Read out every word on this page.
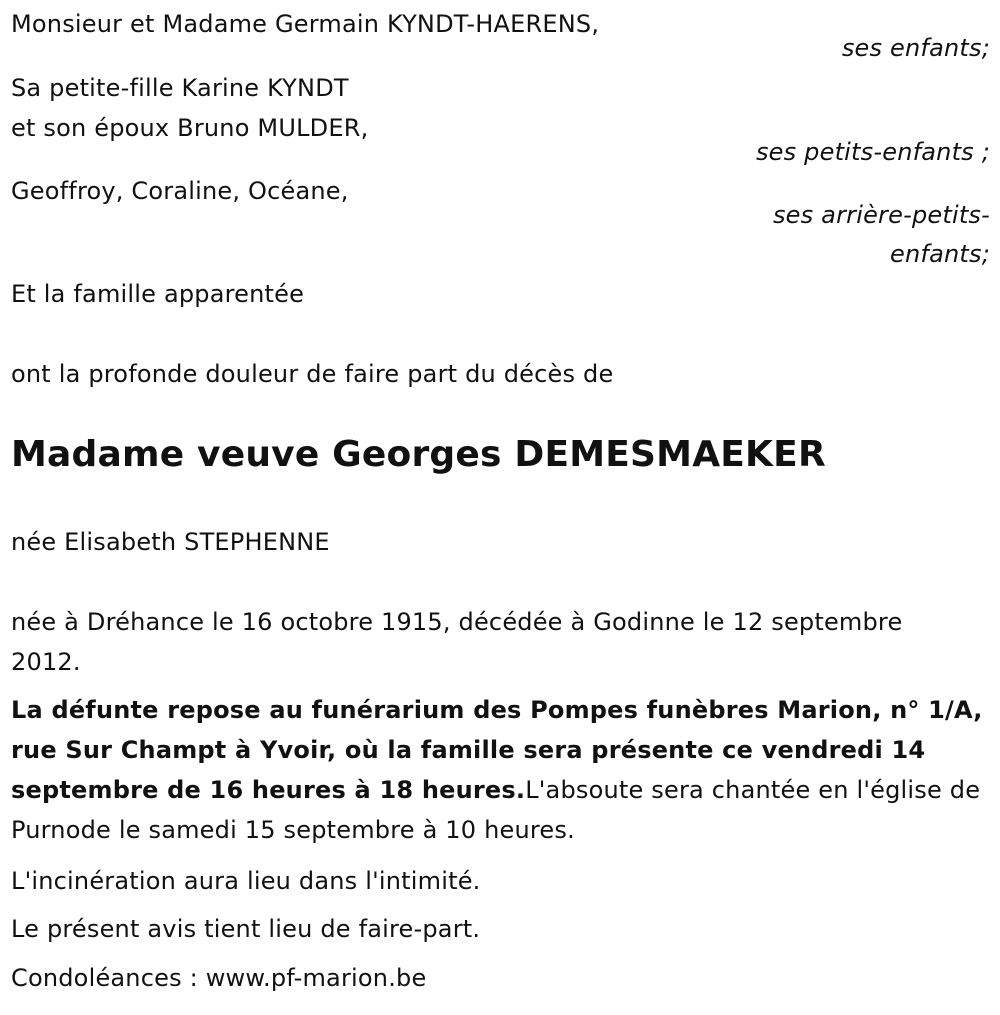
Monsieur et Madame Germain KYNDT-HAERENS,

ses enfants;

Sa petite-fille Karine KYNDT

et son époux Bruno MULDER,

ses petits-enfants ;

Geoffroy, Coraline, Océane,

ses arrière-petits-

enfants;

Et la famille apparentée

ont la profonde douleur de faire part du décès de

Madame veuve Georges DEMESMAEKER

née Elisabeth STEPHENNE

née à Dréhance le 16 octobre 1915, décédée à Godinne le 12 septembre 2012.

La défunte repose au funérarium des Pompes funèbres Marion, n° 1/A, rue Sur Champt à Yvoir, où la famille sera présente ce vendredi 14 septembre de 16 heures à 18 heures.L'absoute sera chantée en l'église de Purnode le samedi 15 septembre à 10 heures.

L'incinération aura lieu dans l'intimité.

Le présent avis tient lieu de faire-part.

Condoléances : www.pf-marion.be
